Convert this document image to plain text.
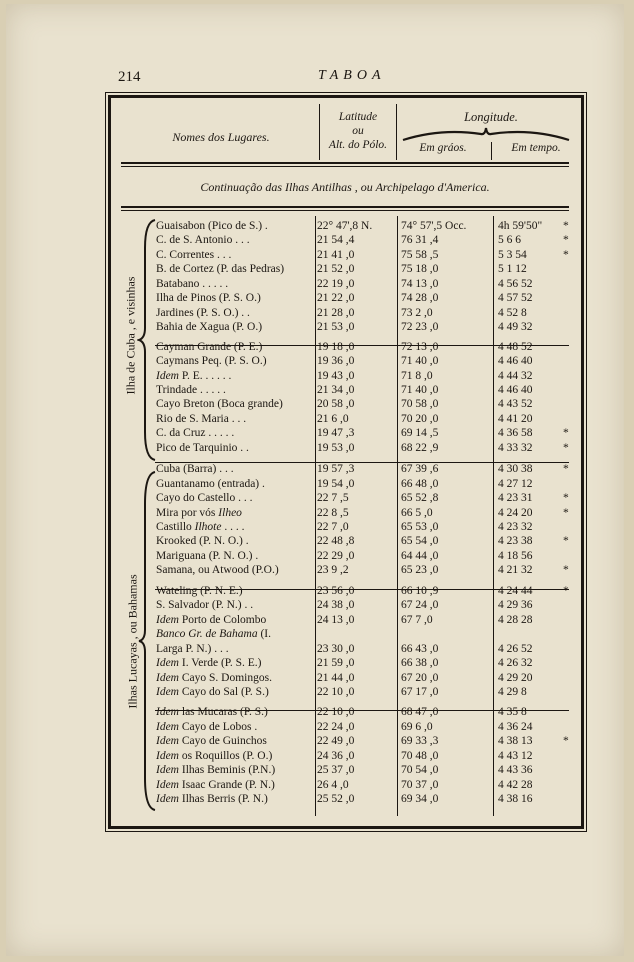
214	TABOA
Nomes dos Lugares.
Latitude
ou
Alt. do Pólo.
Longitude.
Em gráos.	Em tempo.
Continuação das Ilhas Antilhas , ou Archipelago d'America.
Ilha de Cuba , e visinhas
Ilhas Lucayas , ou Bahamas
Guaisabon (Pico de S.) .	22° 47',8 N.	74° 57',5 Occ.	4h 59'50"	*
C. de S. Antonio . . .	21 54 ,4	76 31 ,4	5 6 6	*
C. Correntes . . .	21 41 ,0	75 58 ,5	5 3 54	*
B. de Cortez (P. das Pedras)	21 52 ,0	75 18 ,0	5 1 12
Batabano . . . . .	22 19 ,0	74 13 ,0	4 56 52
Ilha de Pinos (P. S. O.)	21 22 ,0	74 28 ,0	4 57 52
Jardines (P. S. O.) . .	21 28 ,0	73 2 ,0	4 52 8
Bahia de Xagua (P. O.)	21 53 ,0	72 23 ,0	4 49 32
Cayman Grande (P. E.)	19 18 ,0	72 13 ,0	4 48 52
Caymans Peq. (P. S. O.)	19 36 ,0	71 40 ,0	4 46 40
Idem P. E. . . . . .	19 43 ,0	71 8 ,0	4 44 32
Trindade . . . . .	21 34 ,0	71 40 ,0	4 46 40
Cayo Breton (Boca grande)	20 58 ,0	70 58 ,0	4 43 52
Rio de S. Maria . . .	21 6 ,0	70 20 ,0	4 41 20
C. da Cruz . . . . .	19 47 ,3	69 14 ,5	4 36 58	*
Pico de Tarquinio . .	19 53 ,0	68 22 ,9	4 33 32	*
Cuba (Barra) . . .	19 57 ,3	67 39 ,6	4 30 38	*
Guantanamo (entrada) .	19 54 ,0	66 48 ,0	4 27 12
Cayo do Castello . . .	22 7 ,5	65 52 ,8	4 23 31	*
Mira por vós Ilheo	22 8 ,5	66 5 ,0	4 24 20	*
Castillo Ilhote . . . .	22 7 ,0	65 53 ,0	4 23 32
Krooked (P. N. O.) .	22 48 ,8	65 54 ,0	4 23 38	*
Mariguana (P. N. O.) .	22 29 ,0	64 44 ,0	4 18 56
Samana, ou Atwood (P.O.)	23 9 ,2	65 23 ,0	4 21 32	*
Wateling (P. N. E.)	23 56 ,0	66 10 ,9	4 24 44	*
S. Salvador (P. N.) . .	24 38 ,0	67 24 ,0	4 29 36
Idem Porto de Colombo	24 13 ,0	67 7 ,0	4 28 28
Banco Gr. de Bahama (I.
Larga P. N.) . . .	23 30 ,0	66 43 ,0	4 26 52
Idem I. Verde (P. S. E.)	21 59 ,0	66 38 ,0	4 26 32
Idem Cayo S. Domingos.	21 44 ,0	67 20 ,0	4 29 20
Idem Cayo do Sal (P. S.)	22 10 ,0	67 17 ,0	4 29 8
Idem las Mucaras (P. S.)	22 10 ,0	68 47 ,0	4 35 8
Idem Cayo de Lobos .	22 24 ,0	69 6 ,0	4 36 24
Idem Cayo de Guinchos	22 49 ,0	69 33 ,3	4 38 13	*
Idem os Roquillos (P. O.)	24 36 ,0	70 48 ,0	4 43 12
Idem Ilhas Beminis (P.N.)	25 37 ,0	70 54 ,0	4 43 36
Idem Isaac Grande (P. N.)	26 4 ,0	70 37 ,0	4 42 28
Idem Ilhas Berris (P. N.)	25 52 ,0	69 34 ,0	4 38 16
